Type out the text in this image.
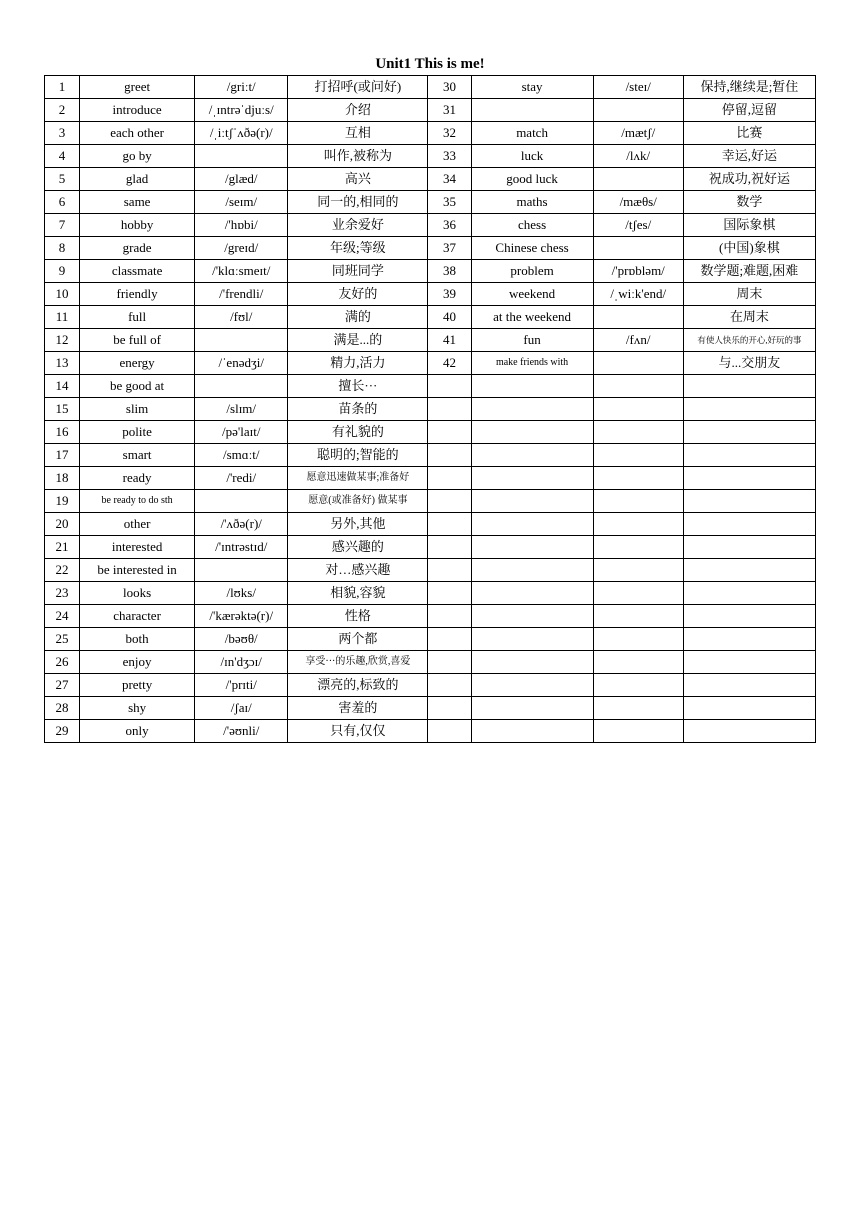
Unit1 This is me!
1	greet	/griːt/	打招呼(或问好)	30	stay	/steɪ/	保持,继续是;暂住
2	introduce	/ˌɪntrəˈdjuːs/	介绍	31			停留,逗留
3	each other	/ˌiːtʃˈʌðə(r)/	互相	32	match	/mætʃ/	比赛
4	go by		叫作,被称为	33	luck	/lʌk/	幸运,好运
5	glad	/glæd/	高兴	34	good luck		祝成功,祝好运
6	same	/seɪm/	同一的,相同的	35	maths	/mæθs/	数学
7	hobby	/'hɒbi/	业余爱好	36	chess	/tʃes/	国际象棋
8	grade	/greɪd/	年级;等级	37	Chinese chess		(中国)象棋
9	classmate	/'klɑːsmeɪt/	同班同学	38	problem	/'prɒbləm/	数学题;难题,困难
10	friendly	/'frendli/	友好的	39	weekend	/ˌwiːk'end/	周末
11	full	/fʊl/	满的	40	at the weekend		在周末
12	be full of		满是...的	41	fun	/fʌn/	有使人快乐的开心,好玩的事
13	energy	/ˈenədʒi/	精力,活力	42	make friends with		与...交朋友
14	be good at		擅长···				
15	slim	/slɪm/	苗条的				
16	polite	/pə'laɪt/	有礼貌的				
17	smart	/smɑːt/	聪明的;智能的				
18	ready	/'redi/	愿意迅速做某事;准备好				
19	be ready to do sth		愿意(或准备好) 做某事				
20	other	/'ʌðə(r)/	另外,其他				
21	interested	/'ɪntrəstɪd/	感兴趣的				
22	be interested in		对…感兴趣				
23	looks	/lʊks/	相貌,容貌				
24	character	/'kærəktə(r)/	性格				
25	both	/bəʊθ/	两个都				
26	enjoy	/ɪn'dʒɔɪ/	享受···的乐趣,欣赏,喜爱				
27	pretty	/'prɪti/	漂亮的,标致的				
28	shy	/ʃaɪ/	害羞的				
29	only	/'əʊnli/	只有,仅仅				
